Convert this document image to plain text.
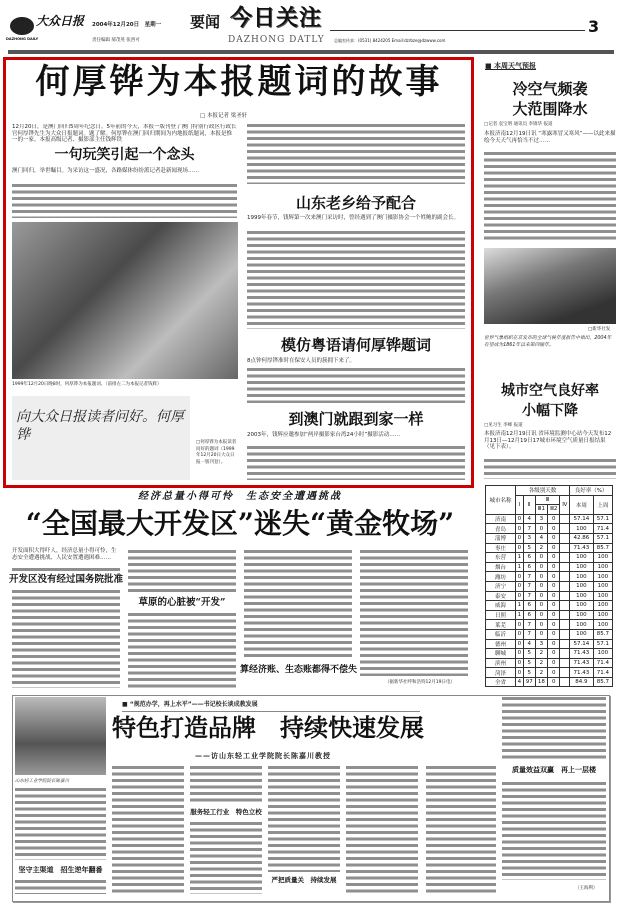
DAZHONG DAILY
大众日报 2004年12月20日　 星期一
责任编辑 郝茂英 张西可
要闻 今日关注
DAZHONG DATLY 总编室传真：(0531) 8424205 Email:dzrbze@dzwww.com
3
何厚铧为本报题词的故事
□ 本报记者 梁圣轩
12月20日，是澳门回归5周年纪念日。5年前的今天，本报一版刊登了澳门特别行政区行政长官何厚铧先生为大众日报题词。题了解。何厚铧在澳门回归期间为内地报纸题词，本报是惟一的一家。本报高级记者、摄影部主任钱辉铁
一句玩笑引起一个念头
澳门回归，举世瞩目。为采访这一盛况，各路媒体纷纷派记者赴新闻现场……
1999年12月20日晚8时，何厚铧为本报题词。（前排左二为本报记者钱辉）
向大众日报读者问好。何厚铧	□何厚铧为本报读者问好的题词（1999年12月20日大众日报一版刊登）。
山东老乡给予配合
1999年春节，钱辉第一次来澳门采访时，曾经遇到了澳门摄影协会一个姓鲍的副会长。
模仿粤语请何厚铧题词
8点钟何厚铧准时在保安人员的簇拥下来了。
到澳门就跟到家一样
2003年，钱辉应邀参加“两岸摄影家台湾24小时”摄影活动……
■ 本周天气预报
冷空气频袭
大范围降水
□记者 袁宝明 通讯员 李锦华 报道
本报济南12月19日讯 “寒露寒冒又寒风”——以此来描绘今天天气再恰当不过……
□新华社发
世界气象组织在京发布的全球气候年度报告中指出，2004年有望成为1861年以来第四暖年。
城市空气良好率
小幅下降
□见习生 李峰 报道
本报济南12月19日讯 省环境监测中心站今天发布12月13日—12月19日17城市环境空气质量日报结果（见下表）。
城市名称	各级别天数					良好率（%）	
	Ⅰ	Ⅱ	Ⅲ		Ⅳ	本周	上周
			Ⅲ1	Ⅲ2			
济南	0	4	3	0		57.14	57.1
青岛	0	7	0	0		100	71.4
淄博	0	3	4	0		42.86	57.1
枣庄	0	5	2	0		71.43	85.7
东营	1	6	0	0		100	100
烟台	1	6	0	0		100	100
潍坊	0	7	0	0		100	100
济宁	0	7	0	0		100	100
泰安	0	7	0	0		100	100
威海	1	6	0	0		100	100
日照	1	6	0	0		100	100
莱芜	0	7	0	0		100	100
临沂	0	7	0	0		100	85.7
德州	0	4	3	0		57.14	57.1
聊城	0	5	2	0		71.43	100
滨州	0	5	2	0		71.43	71.4
菏泽	0	5	2	0		71.43	71.4
全省	4	97	18	0		84.9	85.7
经济总量小得可怜　生态安全遭遇挑战
“全国最大开发区”迷失“黄金牧场”
开发面积大得吓人，经济总量小得可怜，生态安全遭遇挑战、人民安置遭遇困难……
开发区没有经过国务院批准
草原的心脏被“开发”
算经济账、生态账都得不偿失
（据新华社呼和浩特12月19日电）
山东轻工业学院院长陈嘉川
坚守主渠道　招生逆年翻番
■ “规范办学，再上水平”——书记校长谈成教发展
特色打造品牌　持续快速发展
——访山东轻工业学院院长陈嘉川教授
服务轻工行业　特色立校
严把质量关　持续发展
质量效益双赢　再上一层楼
（王海利）
